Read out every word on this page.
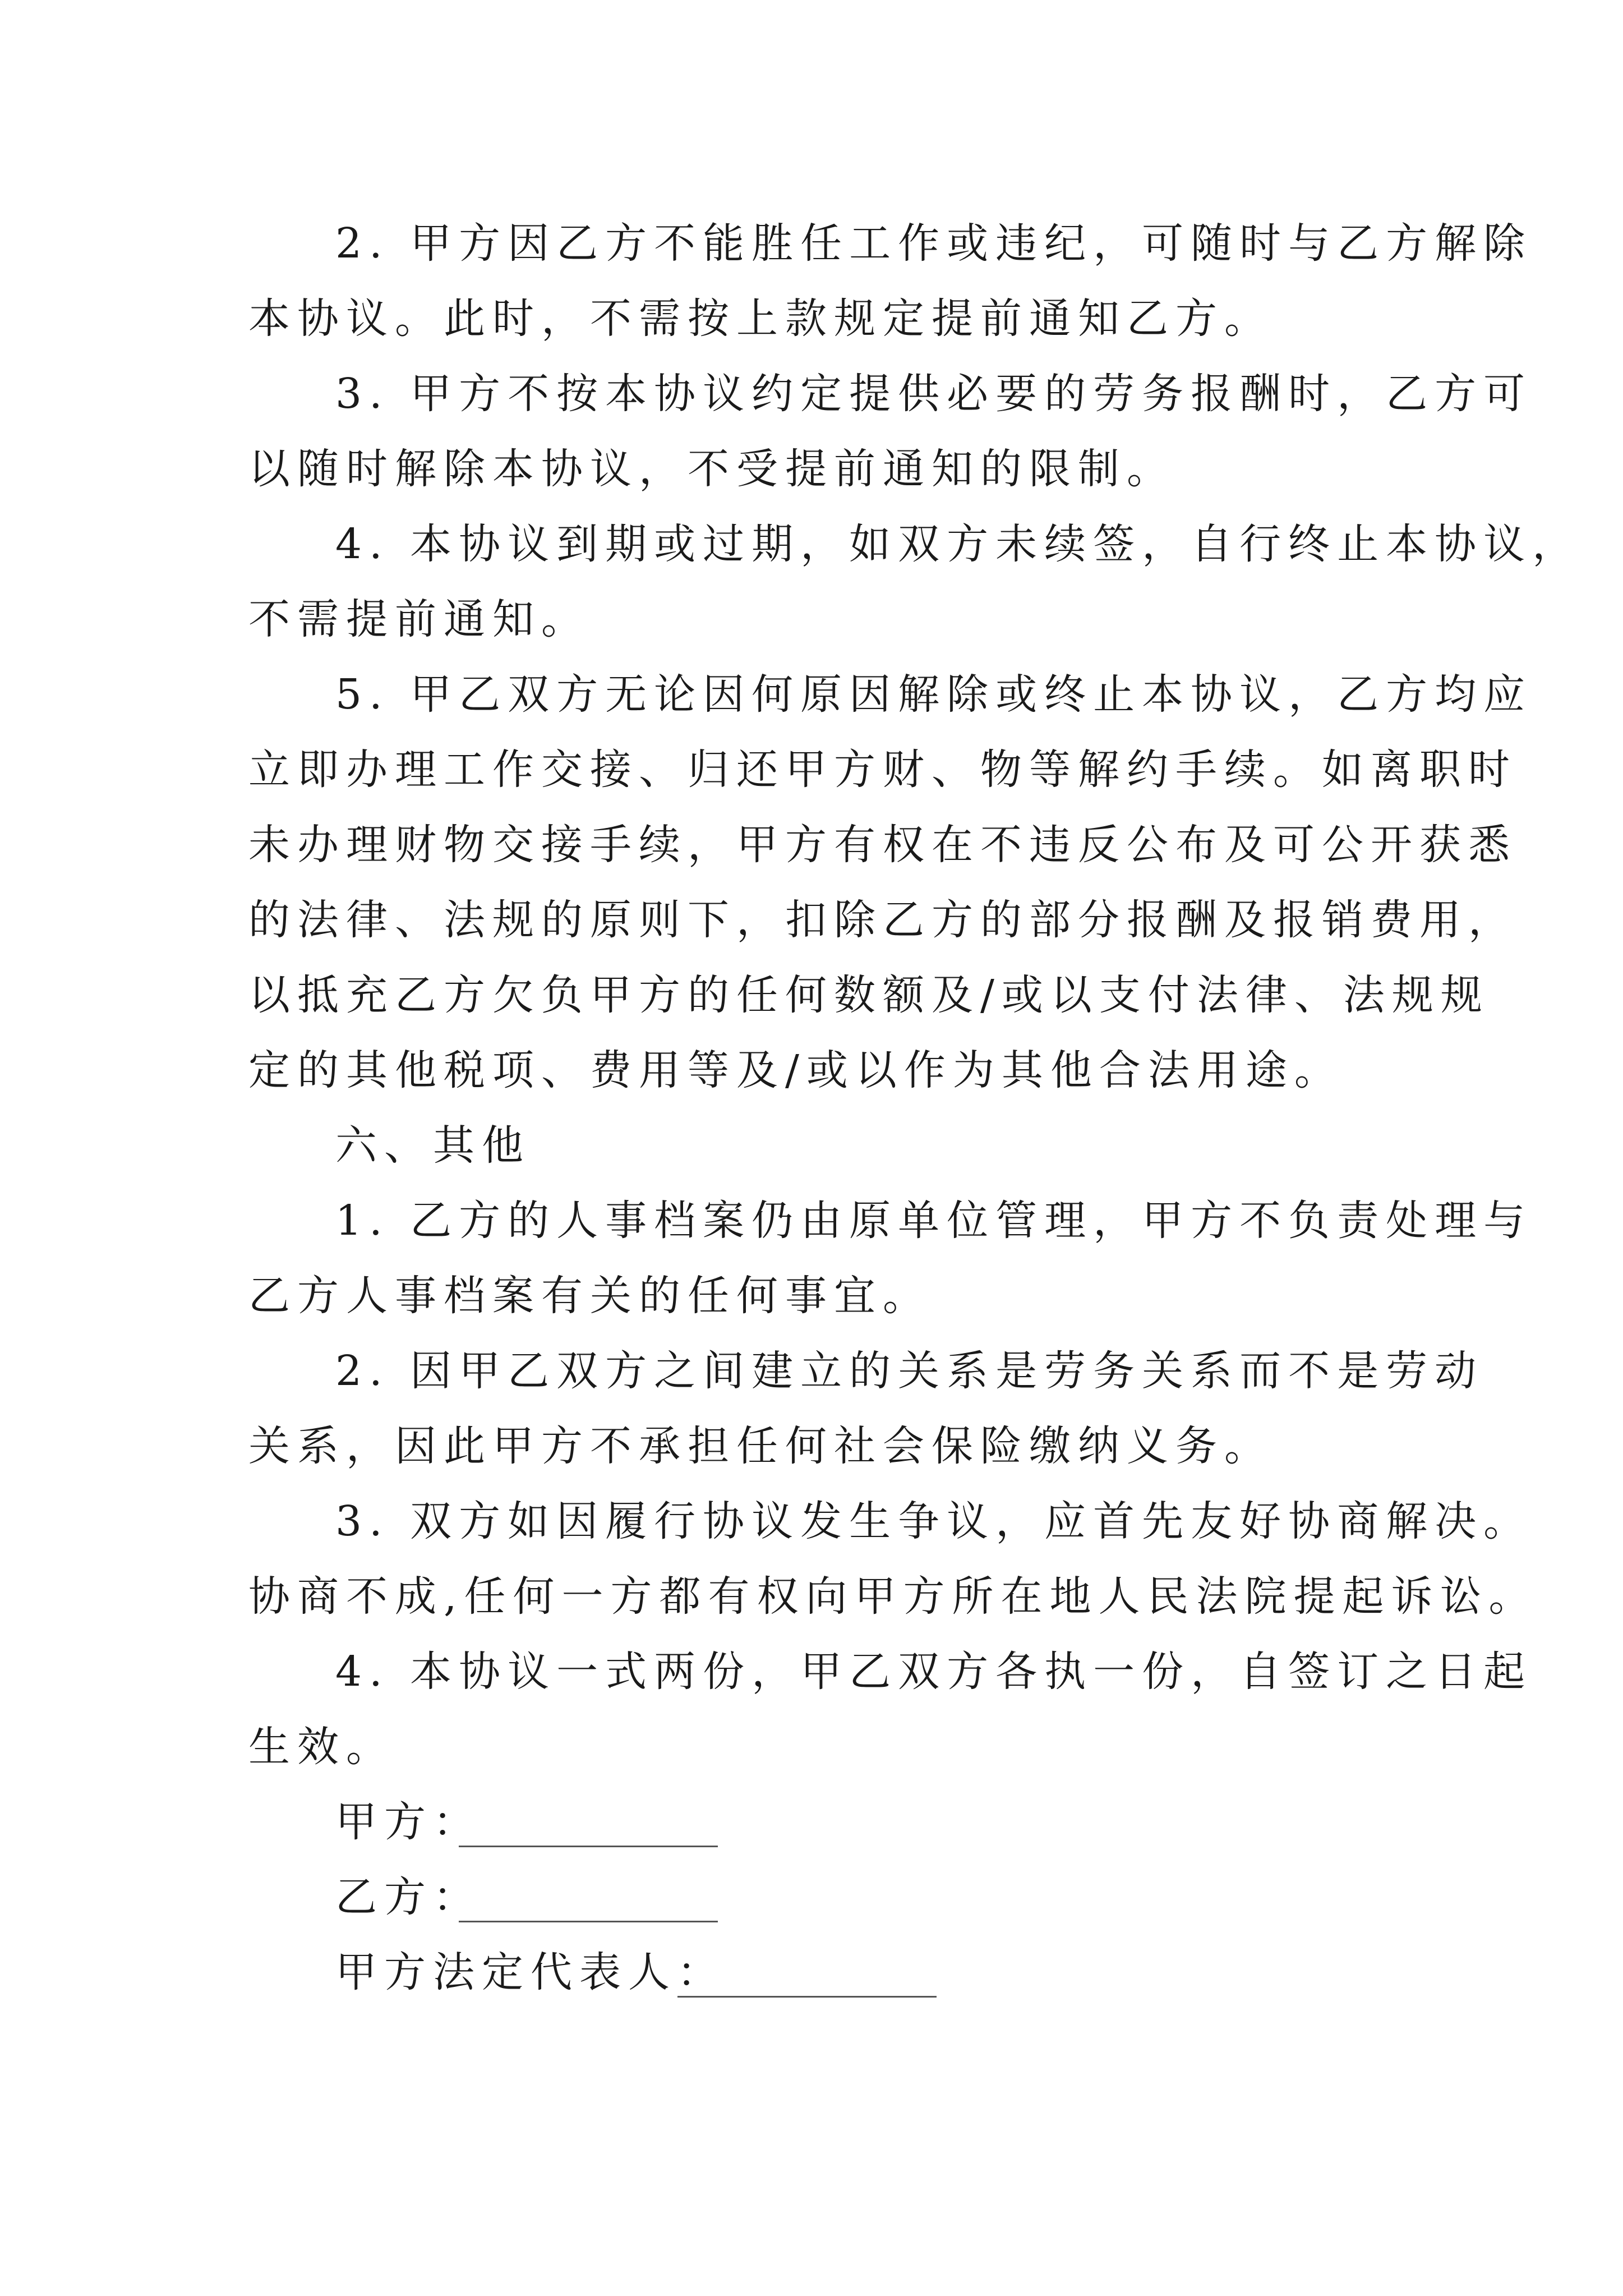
2. 甲方因乙方不能胜任工作或违纪，可随时与乙方解除
本协议。此时，不需按上款规定提前通知乙方。
3. 甲方不按本协议约定提供必要的劳务报酬时，乙方可
以随时解除本协议，不受提前通知的限制。
4. 本协议到期或过期，如双方未续签，自行终止本协议，
不需提前通知。
5. 甲乙双方无论因何原因解除或终止本协议，乙方均应
立即办理工作交接、归还甲方财、物等解约手续。如离职时
未办理财物交接手续，甲方有权在不违反公布及可公开获悉
的法律、法规的原则下，扣除乙方的部分报酬及报销费用，
以抵充乙方欠负甲方的任何数额及/或以支付法律、法规规
定的其他税项、费用等及/或以作为其他合法用途。
六、其他
1. 乙方的人事档案仍由原单位管理，甲方不负责处理与
乙方人事档案有关的任何事宜。
2. 因甲乙双方之间建立的关系是劳务关系而不是劳动
关系，因此甲方不承担任何社会保险缴纳义务。
3. 双方如因履行协议发生争议，应首先友好协商解决。
协商不成,任何一方都有权向甲方所在地人民法院提起诉讼。
4. 本协议一式两份，甲乙双方各执一份，自签订之日起
生效。
甲方：
乙方：
甲方法定代表人：
